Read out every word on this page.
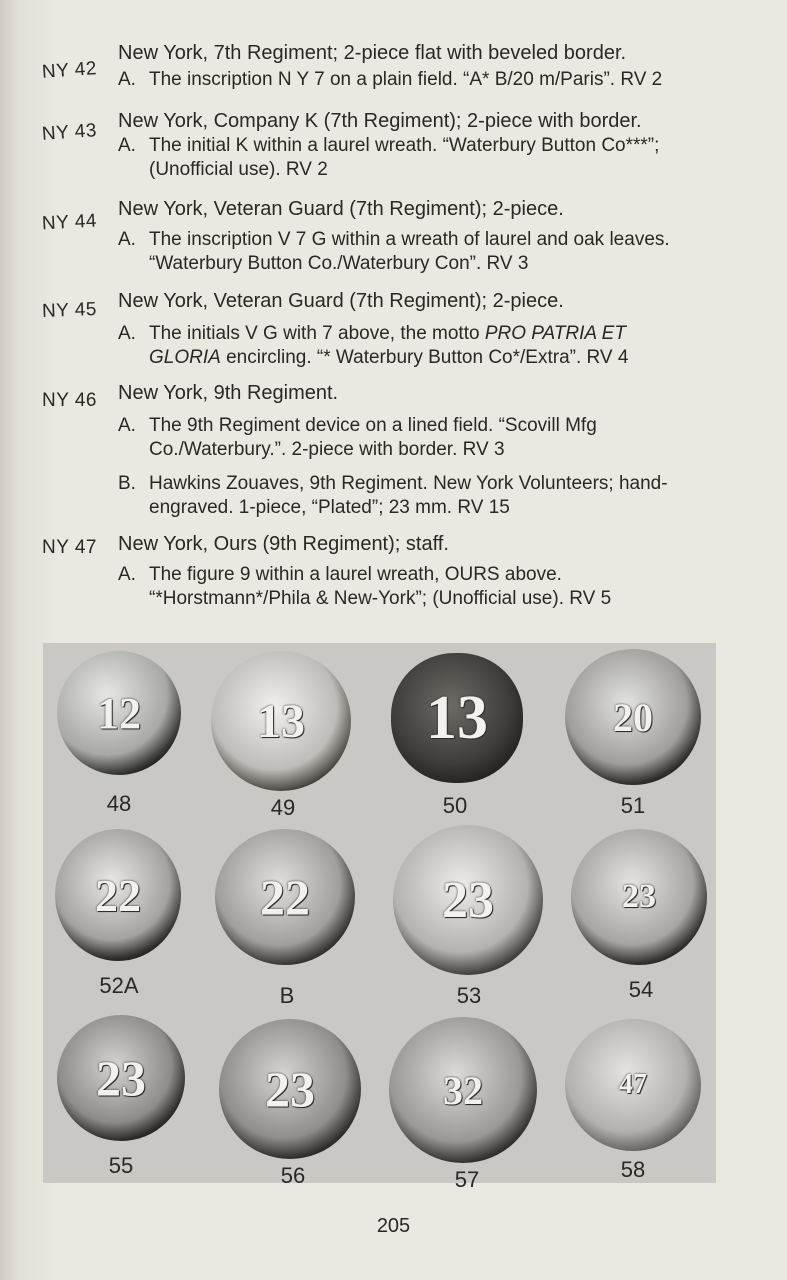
NY 42
New York, 7th Regiment; 2-piece flat with beveled border.
A. The inscription N Y 7 on a plain field. “A* B/20 m/Paris”. RV 2
NY 43 New York, Company K (7th Regiment); 2-piece with border.
A. The initial K within a laurel wreath. “Waterbury Button Co***”;
(Unofficial use). RV 2
NY 44
New York, Veteran Guard (7th Regiment); 2-piece.
A. The inscription V 7 G within a wreath of laurel and oak leaves.
“Waterbury Button Co./Waterbury Con”. RV 3
NY 45 New York, Veteran Guard (7th Regiment); 2-piece.
A. The initials V G with 7 above, the motto PRO PATRIA ET
GLORIA encircling. “* Waterbury Button Co*/Extra”. RV 4
NY 46 New York, 9th Regiment.
A. The 9th Regiment device on a lined field. “Scovill Mfg
Co./Waterbury.”. 2-piece with border. RV 3
B. Hawkins Zouaves, 9th Regiment. New York Volunteers; hand-
engraved. 1-piece, “Plated”; 23 mm. RV 15
NY 47 New York, Ours (9th Regiment); staff.
A. The figure 9 within a laurel wreath, OURS above.
“*Horstmann*/Phila & New-York”; (Unofficial use). RV 5
12
48
13
49
13
50
20
51
22
52A
22
B
23
53
23
54
23
55
23
56
32
57
47
58
205
